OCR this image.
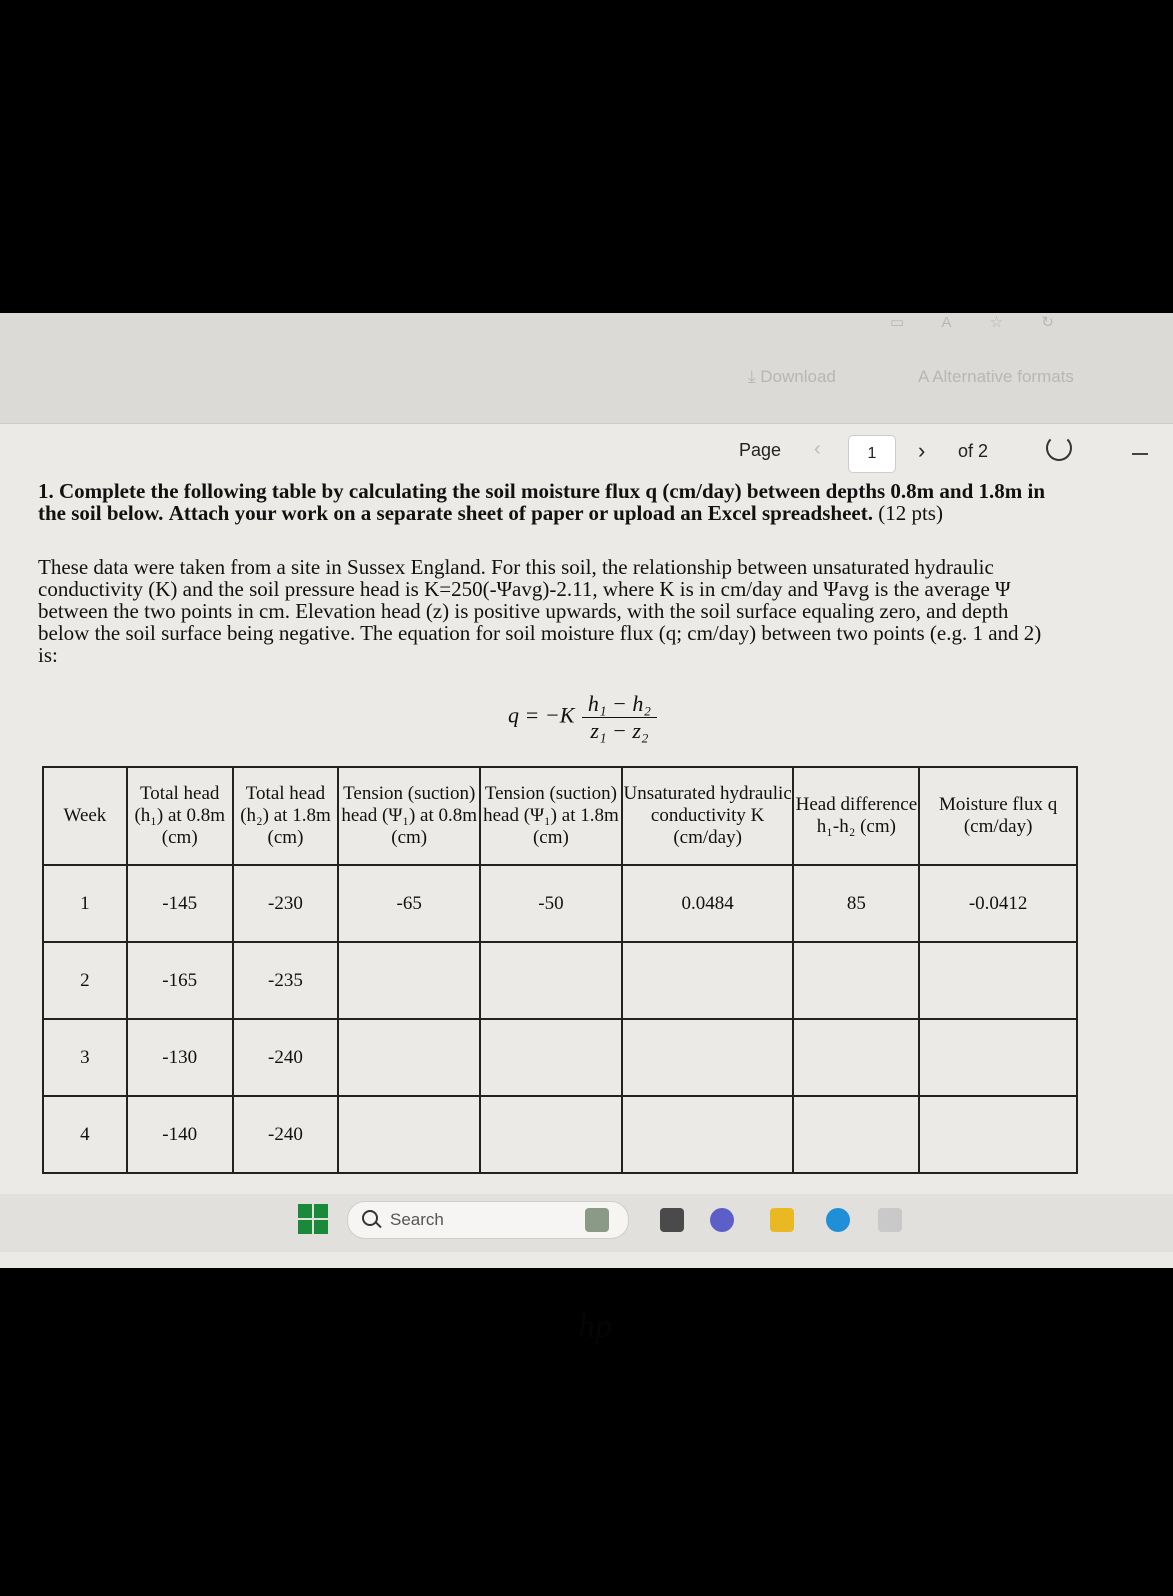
▭ A	☆	↻
⤓ Download	A Alternative formats
Page ‹	1	› of 2

1. Complete the following table by calculating the soil moisture flux q (cm/day) between depths 0.8m and 1.8m in the soil below. Attach your work on a separate sheet of paper or upload an Excel spreadsheet. (12 pts)

These data were taken from a site in Sussex England. For this soil, the relationship between unsaturated hydraulic conductivity (K) and the soil pressure head is K=250(-Ψavg)-2.11, where K is in cm/day and Ψavg is the average Ψ between the two points in cm. Elevation head (z) is positive upwards, with the soil surface equaling zero, and depth below the soil surface being negative. The equation for soil moisture flux (q; cm/day) between two points (e.g. 1 and 2) is:

$q = -K \frac{\text{h₁ − h₂}}{\text{z₁ − z₂}}$
Week	Total head (h₁) at 0.8m (cm)	Total head (h₂) at 1.8m (cm)	Tension (suction) head (Ψ₁) at 0.8m (cm)	Tension (suction) head (Ψ₁) at 1.8m (cm)	Unsaturated hydraulic conductivity K (cm/day)	Head difference h₁-h₂ (cm)	Moisture flux q (cm/day)
1	-145	-230	-65	-50	0.0484	85	-0.0412
2	-165	-235					
3	-130	-240					
4	-140	-240					
Search
hp
